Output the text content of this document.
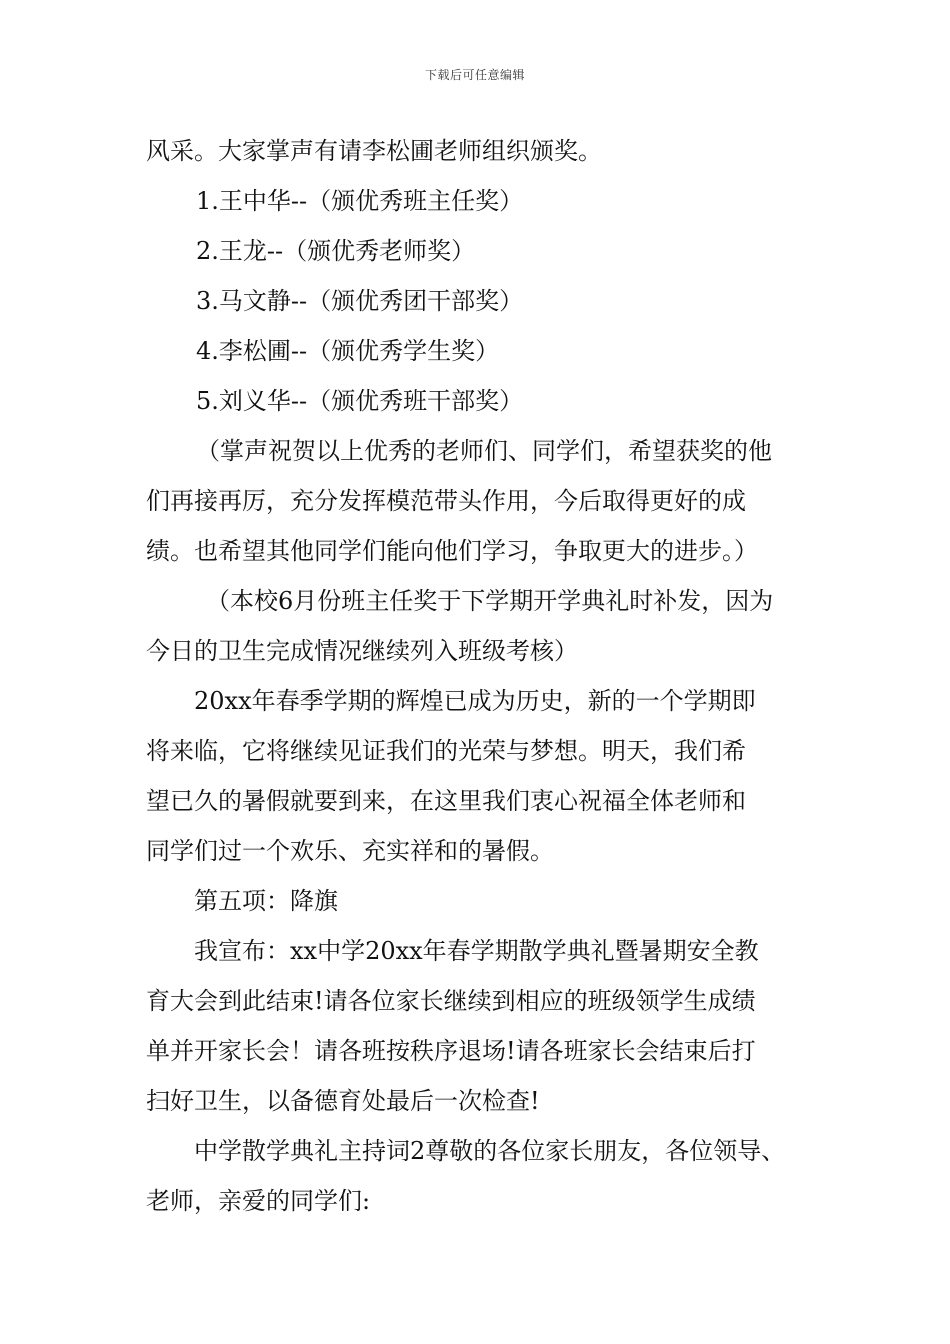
下载后可任意编辑

风采。大家掌声有请李松圃老师组织颁奖。

1.王中华--（颁优秀班主任奖）

2.王龙--（颁优秀老师奖）

3.马文静--（颁优秀团干部奖）

4.李松圃--（颁优秀学生奖）

5.刘义华--（颁优秀班干部奖）

（掌声祝贺以上优秀的老师们、同学们，希望获奖的他

们再接再厉，充分发挥模范带头作用，今后取得更好的成

绩。也希望其他同学们能向他们学习，争取更大的进步。）

（本校6月份班主任奖于下学期开学典礼时补发，因为

今日的卫生完成情况继续列入班级考核）

20xx年春季学期的辉煌已成为历史，新的一个学期即

将来临，它将继续见证我们的光荣与梦想。明天，我们希

望已久的暑假就要到来，在这里我们衷心祝福全体老师和

同学们过一个欢乐、充实祥和的暑假。

第五项：降旗

我宣布：xx中学20xx年春学期散学典礼暨暑期安全教

育大会到此结束!请各位家长继续到相应的班级领学生成绩

单并开家长会！请各班按秩序退场!请各班家长会结束后打

扫好卫生，以备德育处最后一次检查!

中学散学典礼主持词2尊敬的各位家长朋友，各位领导、

老师，亲爱的同学们:
